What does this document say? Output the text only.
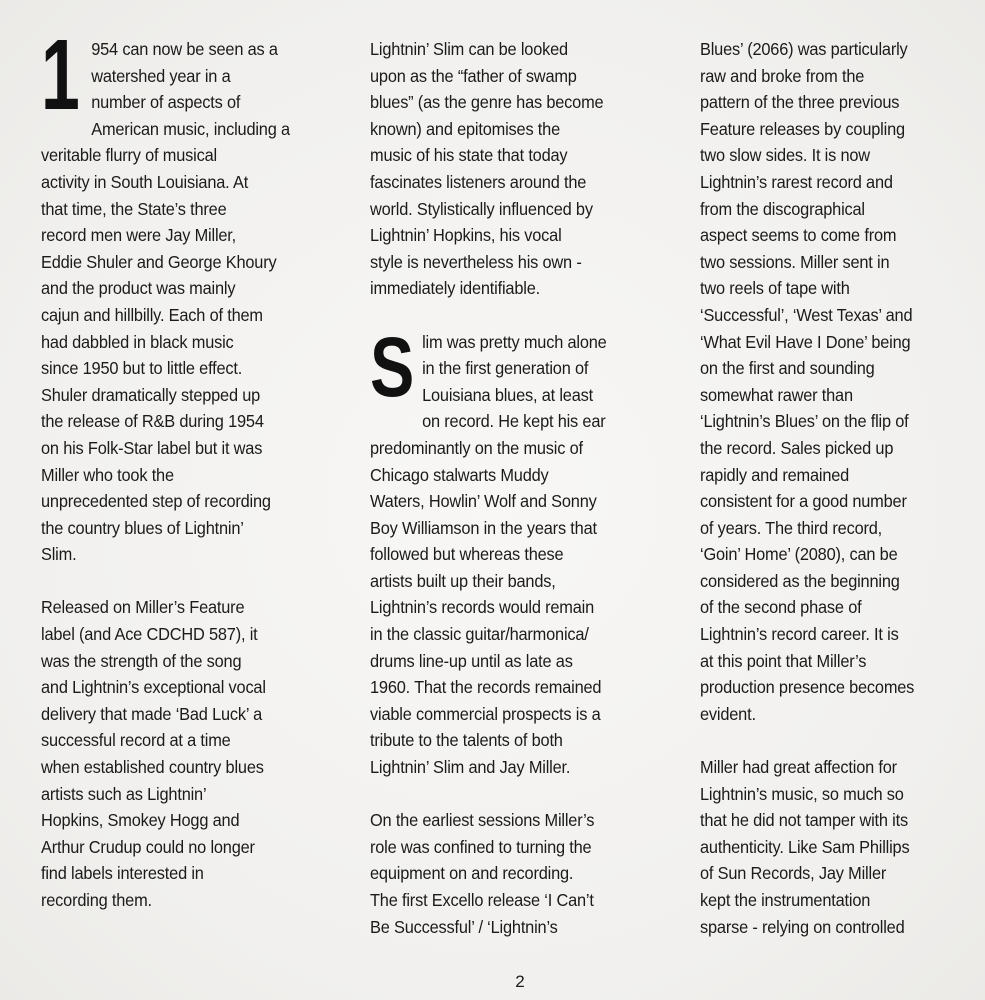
1 954 can now be seen as a

watershed year in a

number of aspects of

American music, including a

veritable flurry of musical

activity in South Louisiana. At

that time, the State’s three

record men were Jay Miller,

Eddie Shuler and George Khoury

and the product was mainly

cajun and hillbilly. Each of them

had dabbled in black music

since 1950 but to little effect.

Shuler dramatically stepped up

the release of R&B during 1954

on his Folk-Star label but it was

Miller who took the

unprecedented step of recording

the country blues of Lightnin’

Slim.

Released on Miller’s Feature

label (and Ace CDCHD 587), it

was the strength of the song

and Lightnin’s exceptional vocal

delivery that made ‘Bad Luck’ a

successful record at a time

when established country blues

artists such as Lightnin’

Hopkins, Smokey Hogg and

Arthur Crudup could no longer

find labels interested in

recording them.

Lightnin’ Slim can be looked

upon as the “father of swamp

blues” (as the genre has become

known) and epitomises the

music of his state that today

fascinates listeners around the

world. Stylistically influenced by

Lightnin’ Hopkins, his vocal

style is nevertheless his own -

immediately identifiable.

S lim was pretty much alone

in the first generation of

Louisiana blues, at least

on record. He kept his ear

predominantly on the music of

Chicago stalwarts Muddy

Waters, Howlin’ Wolf and Sonny

Boy Williamson in the years that

followed but whereas these

artists built up their bands,

Lightnin’s records would remain

in the classic guitar/harmonica/

drums line-up until as late as

1960. That the records remained

viable commercial prospects is a

tribute to the talents of both

Lightnin’ Slim and Jay Miller.

On the earliest sessions Miller’s

role was confined to turning the

equipment on and recording.

The first Excello release ‘I Can’t

Be Successful’ / ‘Lightnin’s

Blues’ (2066) was particularly

raw and broke from the

pattern of the three previous

Feature releases by coupling

two slow sides. It is now

Lightnin’s rarest record and

from the discographical

aspect seems to come from

two sessions. Miller sent in

two reels of tape with

‘Successful’, ‘West Texas’ and

‘What Evil Have I Done’ being

on the first and sounding

somewhat rawer than

‘Lightnin’s Blues’ on the flip of

the record. Sales picked up

rapidly and remained

consistent for a good number

of years. The third record,

‘Goin’ Home’ (2080), can be

considered as the beginning

of the second phase of

Lightnin’s record career. It is

at this point that Miller’s

production presence becomes

evident.

Miller had great affection for

Lightnin’s music, so much so

that he did not tamper with its

authenticity. Like Sam Phillips

of Sun Records, Jay Miller

kept the instrumentation

sparse - relying on controlled

2
